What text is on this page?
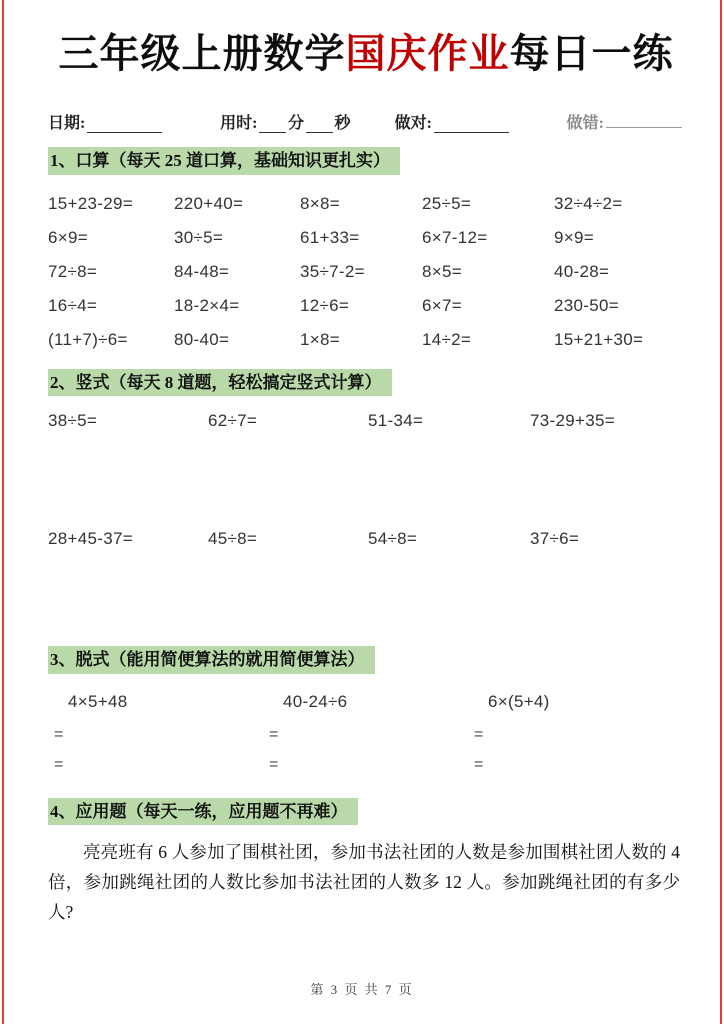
三年级上册数学国庆作业每日一练
日期:	用时: 分 秒	做对:	做错:
1、口算（每天 25 道口算，基础知识更扎实）
15+23-29=	220+40=	8×8=	25÷5=	32÷4÷2=
6×9=	30÷5=	61+33=	6×7-12=	9×9=
72÷8=	84-48=	35÷7-2=	8×5=	40-28=
16÷4=	18-2×4=	12÷6=	6×7=	230-50=
(11+7)÷6=	80-40=	1×8=	14÷2=	15+21+30=
2、竖式（每天 8 道题，轻松搞定竖式计算）
38÷5=	62÷7=	51-34=	73-29+35=
28+45-37=	45÷8=	54÷8=	37÷6=
3、脱式（能用简便算法的就用简便算法）
4×5+48	40-24÷6	6×(5+4)
=	=	=
=	=	=
4、应用题（每天一练，应用题不再难）

亮亮班有 6 人参加了围棋社团，参加书法社团的人数是参加围棋社团人数的 4 倍，参加跳绳社团的人数比参加书法社团的人数多 12 人。参加跳绳社团的有多少人?

第 3 页 共 7 页
